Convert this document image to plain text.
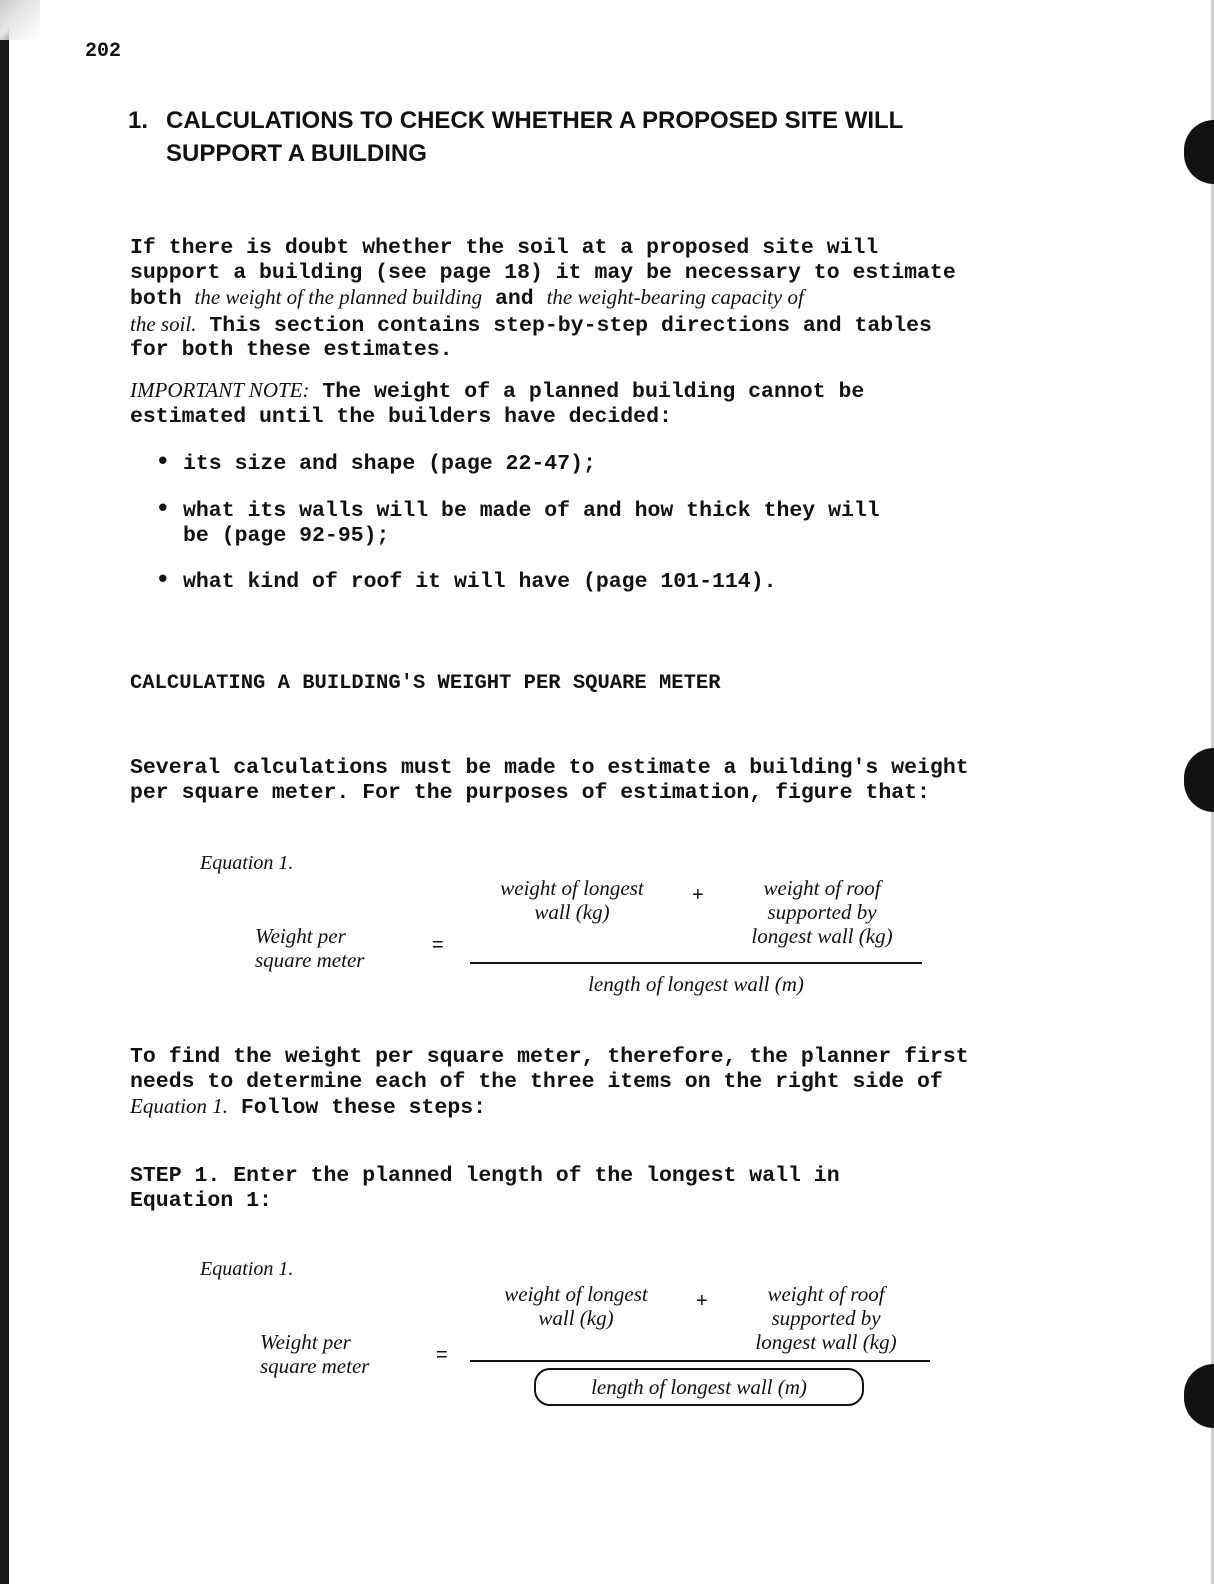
202
1. CALCULATIONS TO CHECK WHETHER A PROPOSED SITE WILL
SUPPORT A BUILDING
If there is doubt whether the soil at a proposed site will
support a building (see page 18) it may be necessary to estimate
both the weight of the planned building and the weight-bearing capacity of
the soil. This section contains step-by-step directions and tables
for both these estimates.
IMPORTANT NOTE: The weight of a planned building cannot be
estimated until the builders have decided:
• its size and shape (page 22-47);
• what its walls will be made of and how thick they will
be (page 92-95);
• what kind of roof it will have (page 101-114).
CALCULATING A BUILDING'S WEIGHT PER SQUARE METER
Several calculations must be made to estimate a building's weight
per square meter. For the purposes of estimation, figure that:
Equation 1.
weight of longest
wall (kg)
+	weight of roof
supported by
longest wall (kg)
Weight per
square meter
=
length of longest wall (m)
To find the weight per square meter, therefore, the planner first
needs to determine each of the three items on the right side of
Equation 1. Follow these steps:
STEP 1. Enter the planned length of the longest wall in
Equation 1:
Equation 1.
weight of longest
wall (kg)
+	weight of roof
supported by
longest wall (kg)
Weight per
square meter	=
length of longest wall (m)
